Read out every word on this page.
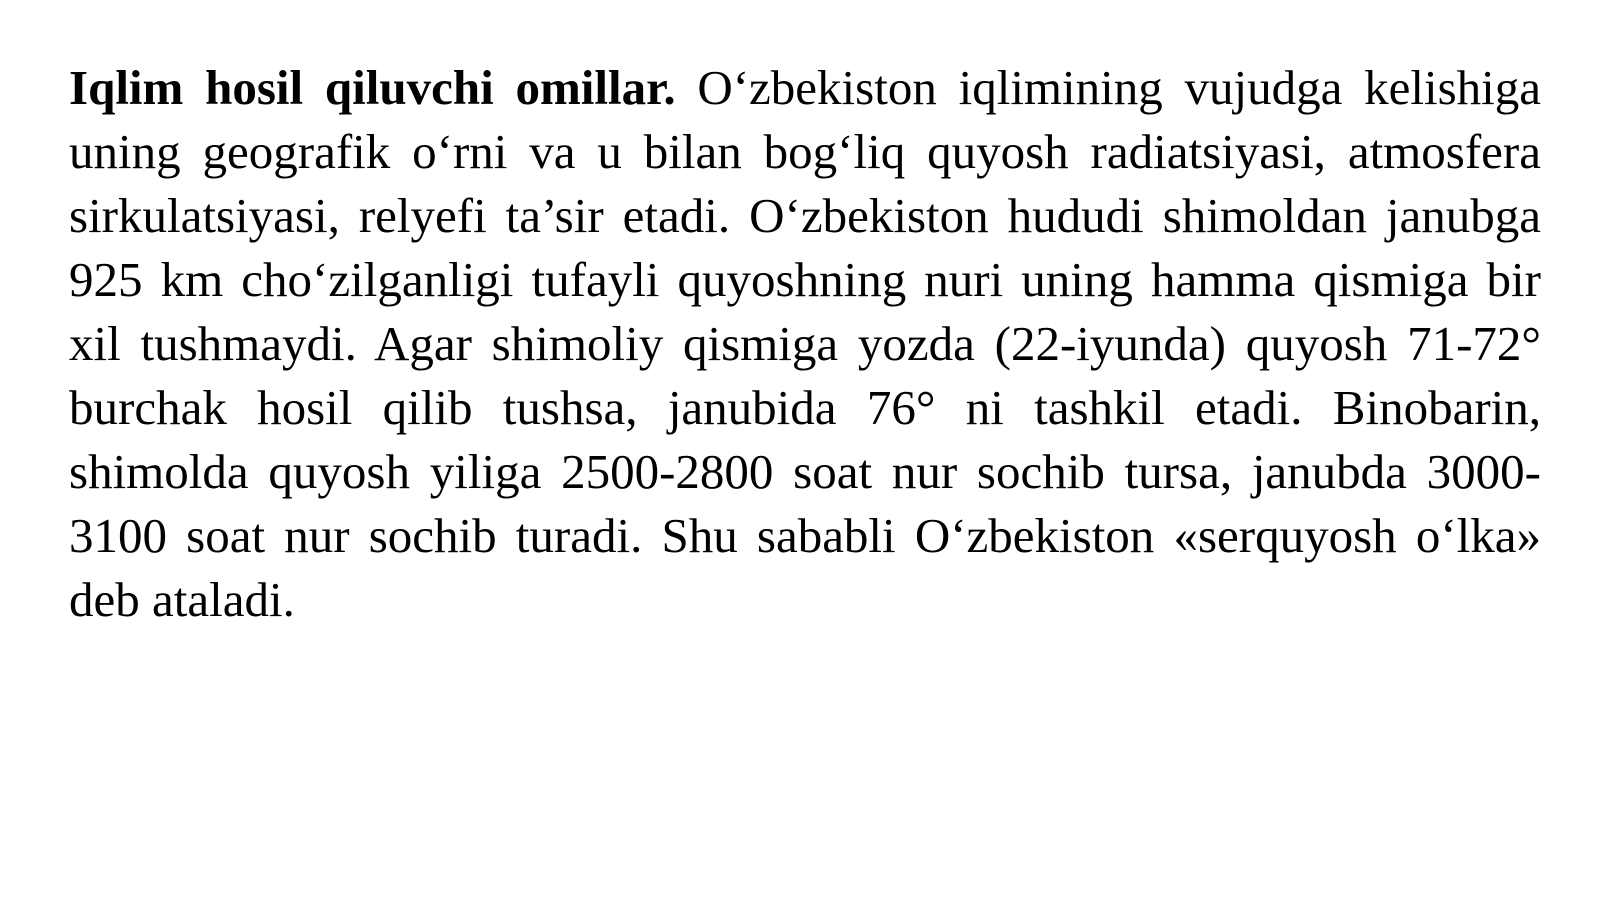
Iqlim hosil qiluvchi omillar. O‘zbekiston iqlimining vujudga kelishiga uning geografik o‘rni va u bilan bog‘liq quyosh radiatsiyasi, atmosfera sirkulatsiyasi, relyefi ta’sir etadi. O‘zbekiston hududi shimoldan janubga 925 km cho‘zilganligi tufayli quyoshning nuri uning hamma qismiga bir xil tushmaydi. Agar shimoliy qismiga yozda (22-iyunda) quyosh 71-72° burchak hosil qilib tushsa, janubida 76° ni tashkil etadi. Binobarin, shimolda quyosh yiliga 2500-2800 soat nur sochib tursa, janubda 3000-3100 soat nur sochib turadi. Shu sababli O‘zbekiston «serquyosh o‘lka» deb ataladi.
